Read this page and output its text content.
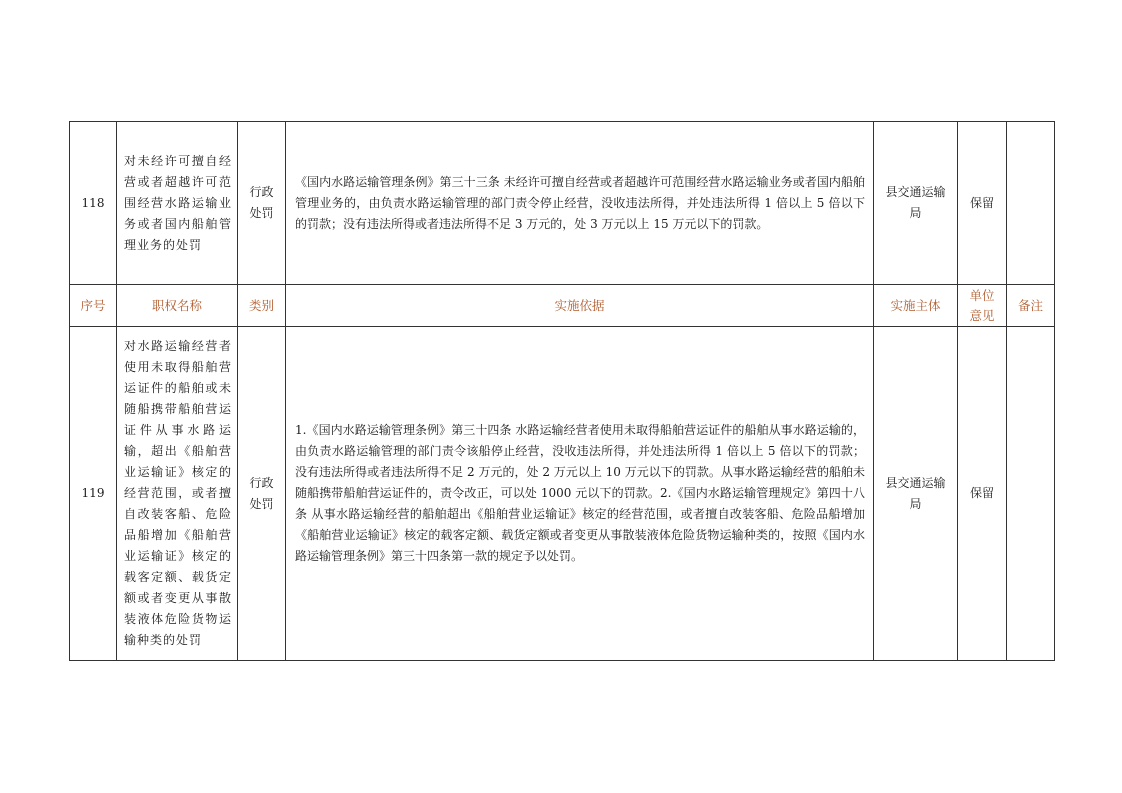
118	对未经许可擅自经营或者超越许可范围经营水路运输业务或者国内船舶管理业务的处罚	行政处罚	《国内水路运输管理条例》第三十三条 未经许可擅自经营或者超越许可范围经营水路运输业务或者国内船舶管理业务的，由负责水路运输管理的部门责令停止经营，没收违法所得，并处违法所得 1 倍以上 5 倍以下的罚款；没有违法所得或者违法所得不足 3 万元的，处 3 万元以上 15 万元以下的罚款。	县交通运输局	保留	
序号	职权名称	类别	实施依据	实施主体	单位意见	备注
119	对水路运输经营者使用未取得船舶营运证件的船舶或未随船携带船舶营运证件从事水路运输，超出《船舶营业运输证》核定的经营范围，或者擅自改装客船、危险品船增加《船舶营业运输证》核定的载客定额、载货定额或者变更从事散装液体危险货物运输种类的处罚	行政处罚	1.《国内水路运输管理条例》第三十四条 水路运输经营者使用未取得船舶营运证件的船舶从事水路运输的，由负责水路运输管理的部门责令该船停止经营，没收违法所得，并处违法所得 1 倍以上 5 倍以下的罚款；没有违法所得或者违法所得不足 2 万元的，处 2 万元以上 10 万元以下的罚款。从事水路运输经营的船舶未随船携带船舶营运证件的，责令改正，可以处 1000 元以下的罚款。2.《国内水路运输管理规定》第四十八条 从事水路运输经营的船舶超出《船舶营业运输证》核定的经营范围，或者擅自改装客船、危险品船增加《船舶营业运输证》核定的载客定额、载货定额或者变更从事散装液体危险货物运输种类的，按照《国内水路运输管理条例》第三十四条第一款的规定予以处罚。	县交通运输局	保留	
